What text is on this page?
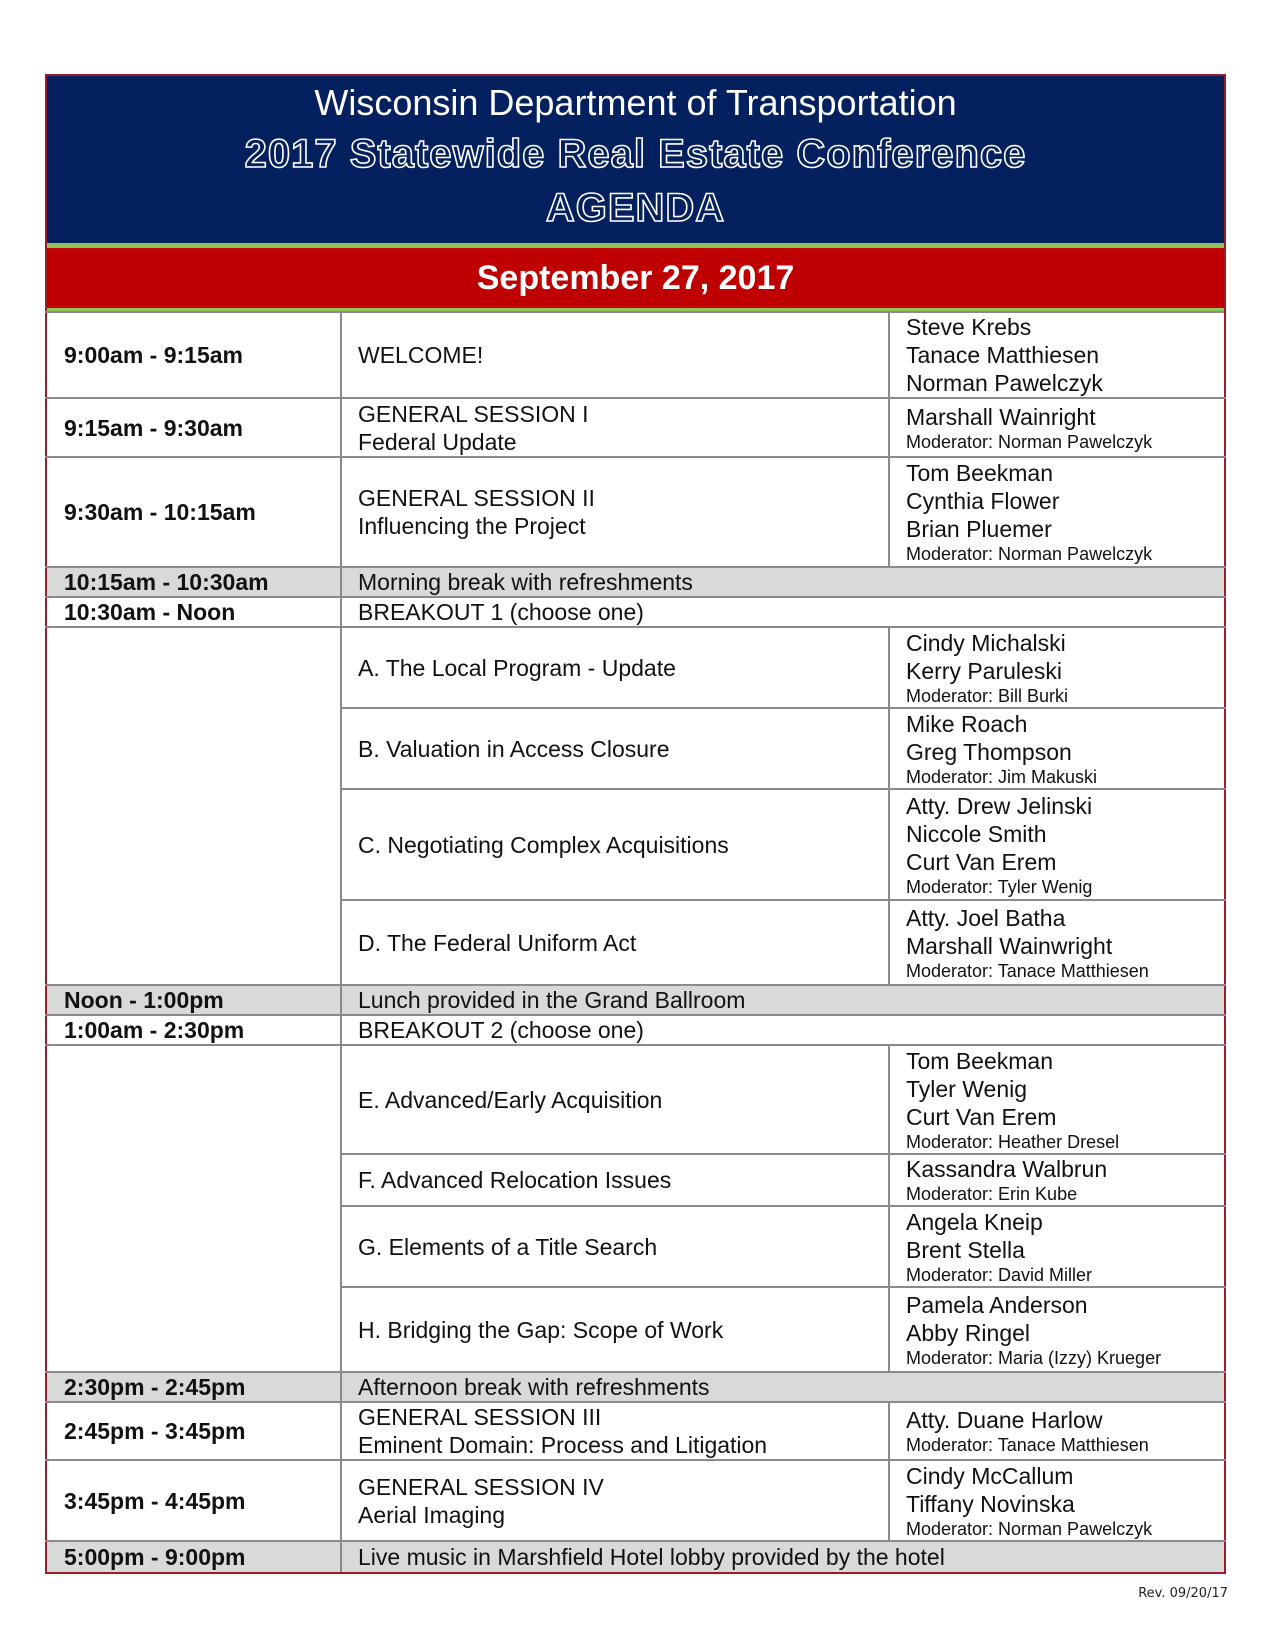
Wisconsin Department of Transportation
2017 Statewide Real Estate Conference
AGENDA
September 27, 2017
9:00am - 9:15am	WELCOME!	Steve Krebs
Tanace Matthiesen
Norman Pawelczyk

9:15am - 9:30am	GENERAL SESSION I
Federal Update	Marshall Wainright
Moderator: Norman Pawelczyk

9:30am - 10:15am	GENERAL SESSION II
Influencing the Project	Tom Beekman
Cynthia Flower
Brian Pluemer
Moderator: Norman Pawelczyk

10:15am - 10:30am	Morning break with refreshments	
10:30am - Noon	BREAKOUT 1 (choose one)	
	A. The Local Program - Update	Cindy Michalski
Kerry Paruleski
Moderator: Bill Burki

	B. Valuation in Access Closure	Mike Roach
Greg Thompson
Moderator: Jim Makuski

	C. Negotiating Complex Acquisitions	Atty. Drew Jelinski
Niccole Smith
Curt Van Erem
Moderator: Tyler Wenig

	D. The Federal Uniform Act	Atty. Joel Batha
Marshall Wainwright
Moderator: Tanace Matthiesen

Noon - 1:00pm	Lunch provided in the Grand Ballroom	
1:00am - 2:30pm	BREAKOUT 2 (choose one)	
	E. Advanced/Early Acquisition	Tom Beekman
Tyler Wenig
Curt Van Erem
Moderator: Heather Dresel

	F. Advanced Relocation Issues	Kassandra Walbrun
Moderator: Erin Kube

	G. Elements of a Title Search	Angela Kneip
Brent Stella
Moderator: David Miller

	H. Bridging the Gap: Scope of Work	Pamela Anderson
Abby Ringel
Moderator: Maria (Izzy) Krueger

2:30pm - 2:45pm	Afternoon break with refreshments	
2:45pm - 3:45pm	GENERAL SESSION III
Eminent Domain: Process and Litigation	Atty. Duane Harlow
Moderator: Tanace Matthiesen

3:45pm - 4:45pm	GENERAL SESSION IV
Aerial Imaging	Cindy McCallum
Tiffany Novinska
Moderator: Norman Pawelczyk

5:00pm - 9:00pm	Live music in Marshfield Hotel lobby provided by the hotel	
Rev. 09/20/17
